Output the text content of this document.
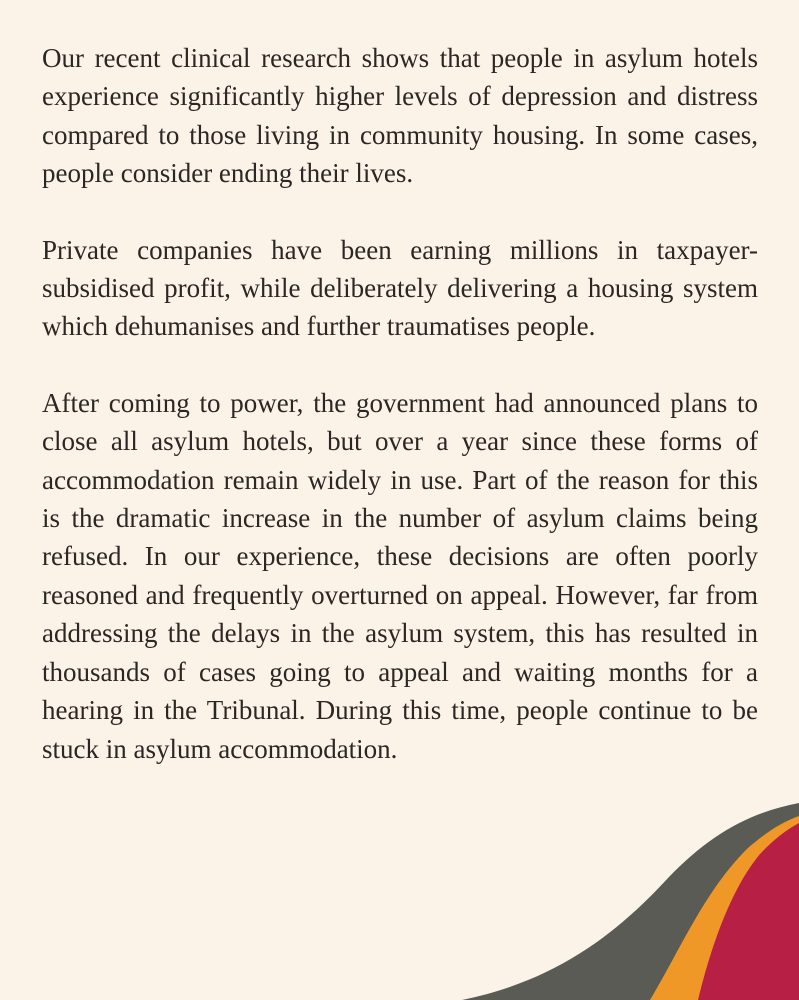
Our recent clinical research shows that people in asylum hotels experience significantly higher levels of depression and distress compared to those living in community housing. In some cases, people consider ending their lives.

Private companies have been earning millions in taxpayer-subsidised profit, while deliberately delivering a housing system which dehumanises and further traumatises people.

After coming to power, the government had announced plans to close all asylum hotels, but over a year since these forms of accommodation remain widely in use. Part of the reason for this is the dramatic increase in the number of asylum claims being refused. In our experience, these decisions are often poorly reasoned and frequently overturned on appeal. However, far from addressing the delays in the asylum system, this has resulted in thousands of cases going to appeal and waiting months for a hearing in the Tribunal. During this time, people continue to be stuck in asylum accommodation.
